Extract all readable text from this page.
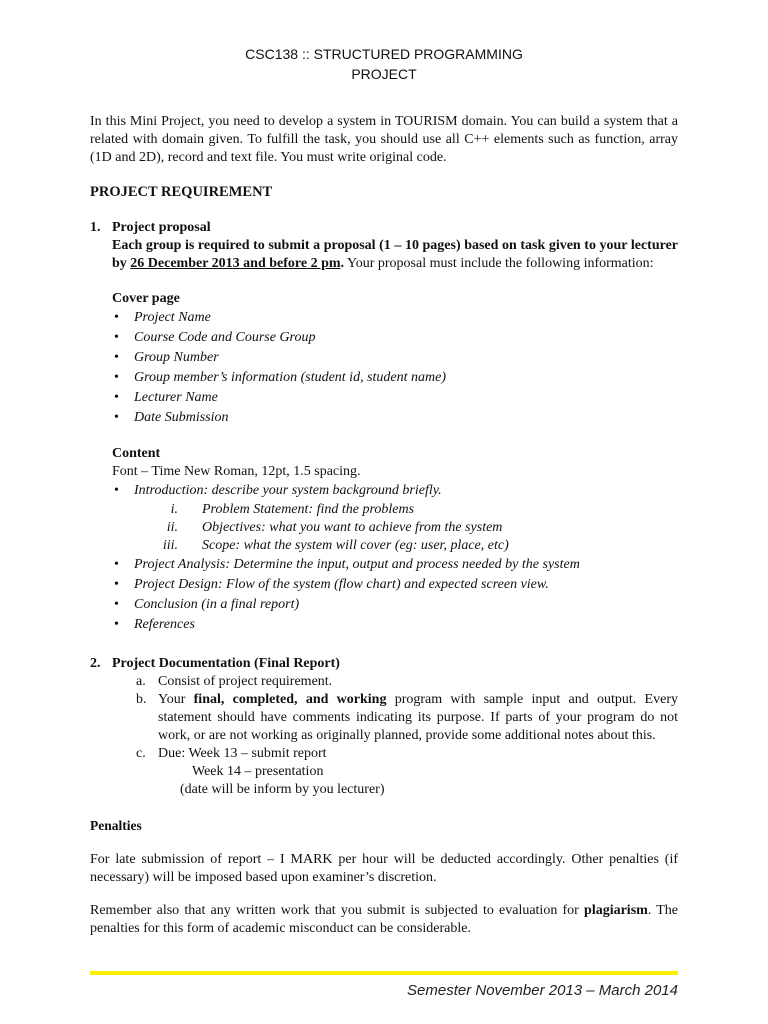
CSC138 :: STRUCTURED PROGRAMMING
PROJECT

In this Mini Project, you need to develop a system in TOURISM domain. You can build a system that a related with domain given. To fulfill the task, you should use all C++ elements such as function, array (1D and 2D), record and text file. You must write original code.

PROJECT REQUIREMENT

1. Project proposal

Each group is required to submit a proposal (1 – 10 pages) based on task given to your lecturer by 26 December 2013 and before 2 pm. Your proposal must include the following information:

Cover page

• Project Name
• Course Code and Course Group
• Group Number
• Group member’s information (student id, student name)
• Lecturer Name
• Date Submission

Content

Font – Time New Roman, 12pt, 1.5 spacing.

• Introduction: describe your system background briefly.
i. Problem Statement: find the problems
ii. Objectives: what you want to achieve from the system
iii. Scope: what the system will cover (eg: user, place, etc)
• Project Analysis: Determine the input, output and process needed by the system
• Project Design: Flow of the system (flow chart) and expected screen view.
• Conclusion (in a final report)
• References
2. Project Documentation (Final Report)
a. Consist of project requirement.
b. Your final, completed, and working program with sample input and output. Every statement should have comments indicating its purpose. If parts of your program do not work, or are not working as originally planned, provide some additional notes about this.
c. Due: Week 13 – submit report
Week 14 – presentation
(date will be inform by you lecturer)

Penalties

For late submission of report – I MARK per hour will be deducted accordingly. Other penalties (if necessary) will be imposed based upon examiner’s discretion.

Remember also that any written work that you submit is subjected to evaluation for plagiarism. The penalties for this form of academic misconduct can be considerable.

Semester November 2013 – March 2014
